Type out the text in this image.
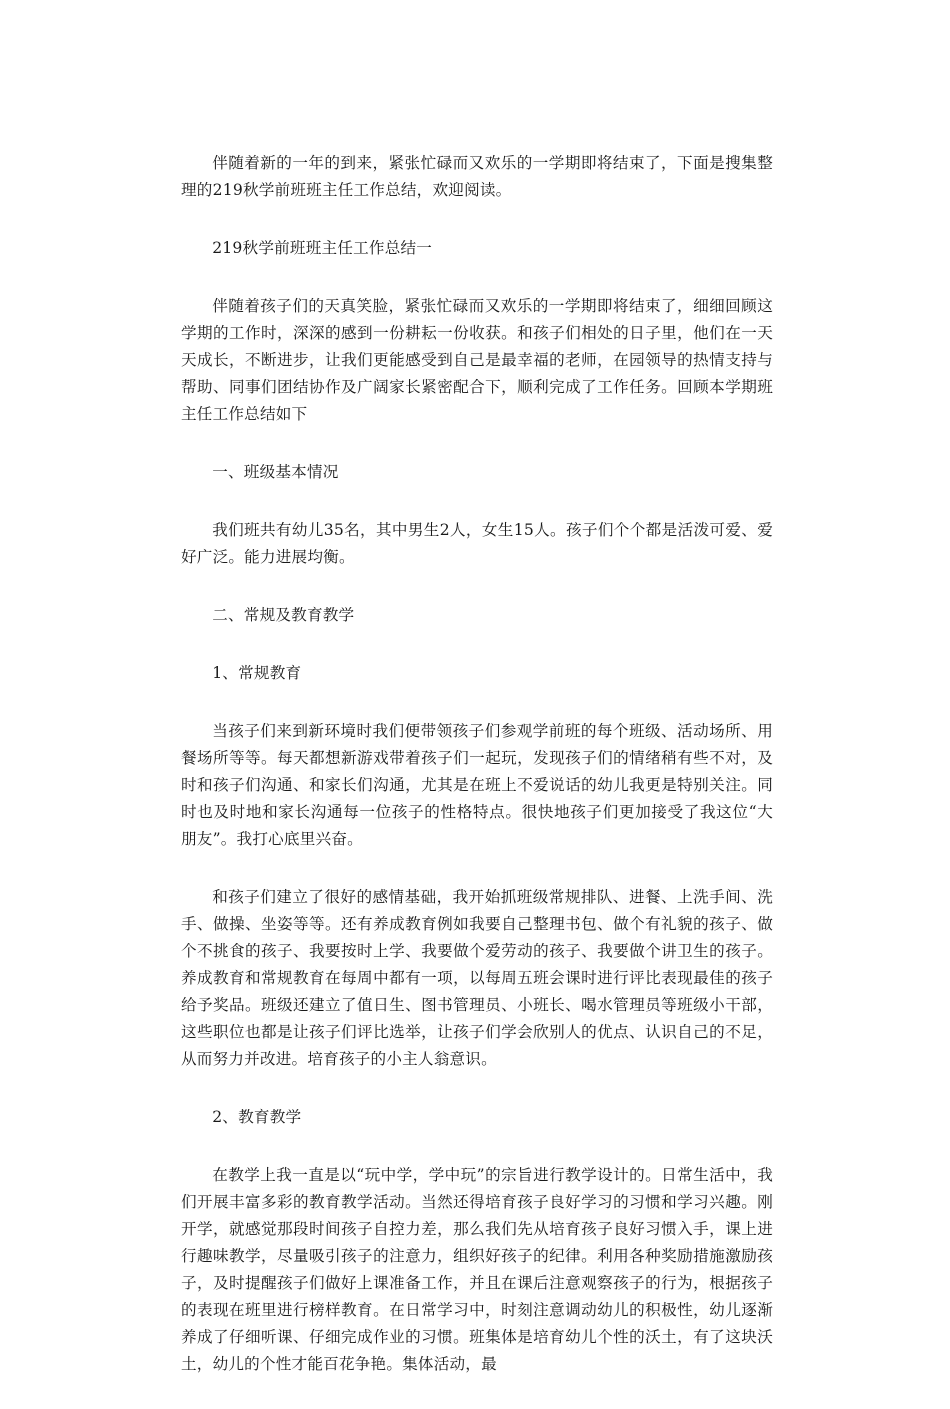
伴随着新的一年的到来，紧张忙碌而又欢乐的一学期即将结束了，下面是搜集整理的219秋学前班班主任工作总结，欢迎阅读。

219秋学前班班主任工作总结一

伴随着孩子们的天真笑脸，紧张忙碌而又欢乐的一学期即将结束了，细细回顾这学期的工作时，深深的感到一份耕耘一份收获。和孩子们相处的日子里，他们在一天天成长，不断进步，让我们更能感受到自己是最幸福的老师，在园领导的热情支持与帮助、同事们团结协作及广阔家长紧密配合下，顺利完成了工作任务。回顾本学期班主任工作总结如下

一、班级基本情况

我们班共有幼儿35名，其中男生2人，女生15人。孩子们个个都是活泼可爱、爱好广泛。能力进展均衡。

二、常规及教育教学

1、常规教育

当孩子们来到新环境时我们便带领孩子们参观学前班的每个班级、活动场所、用餐场所等等。每天都想新游戏带着孩子们一起玩，发现孩子们的情绪稍有些不对，及时和孩子们沟通、和家长们沟通，尤其是在班上不爱说话的幼儿我更是特别关注。同时也及时地和家长沟通每一位孩子的性格特点。很快地孩子们更加接受了我这位“大朋友”。我打心底里兴奋。

和孩子们建立了很好的感情基础，我开始抓班级常规排队、进餐、上洗手间、洗手、做操、坐姿等等。还有养成教育例如我要自己整理书包、做个有礼貌的孩子、做个不挑食的孩子、我要按时上学、我要做个爱劳动的孩子、我要做个讲卫生的孩子。养成教育和常规教育在每周中都有一项，以每周五班会课时进行评比表现最佳的孩子给予奖品。班级还建立了值日生、图书管理员、小班长、喝水管理员等班级小干部，这些职位也都是让孩子们评比选举，让孩子们学会欣别人的优点、认识自己的不足，从而努力并改进。培育孩子的小主人翁意识。

2、教育教学

在教学上我一直是以“玩中学，学中玩”的宗旨进行教学设计的。日常生活中，我们开展丰富多彩的教育教学活动。当然还得培育孩子良好学习的习惯和学习兴趣。刚开学，就感觉那段时间孩子自控力差，那么我们先从培育孩子良好习惯入手，课上进行趣味教学，尽量吸引孩子的注意力，组织好孩子的纪律。利用各种奖励措施激励孩子，及时提醒孩子们做好上课准备工作，并且在课后注意观察孩子的行为，根据孩子的表现在班里进行榜样教育。在日常学习中，时刻注意调动幼儿的积极性，幼儿逐渐养成了仔细听课、仔细完成作业的习惯。班集体是培育幼儿个性的沃土，有了这块沃土，幼儿的个性才能百花争艳。集体活动，最
